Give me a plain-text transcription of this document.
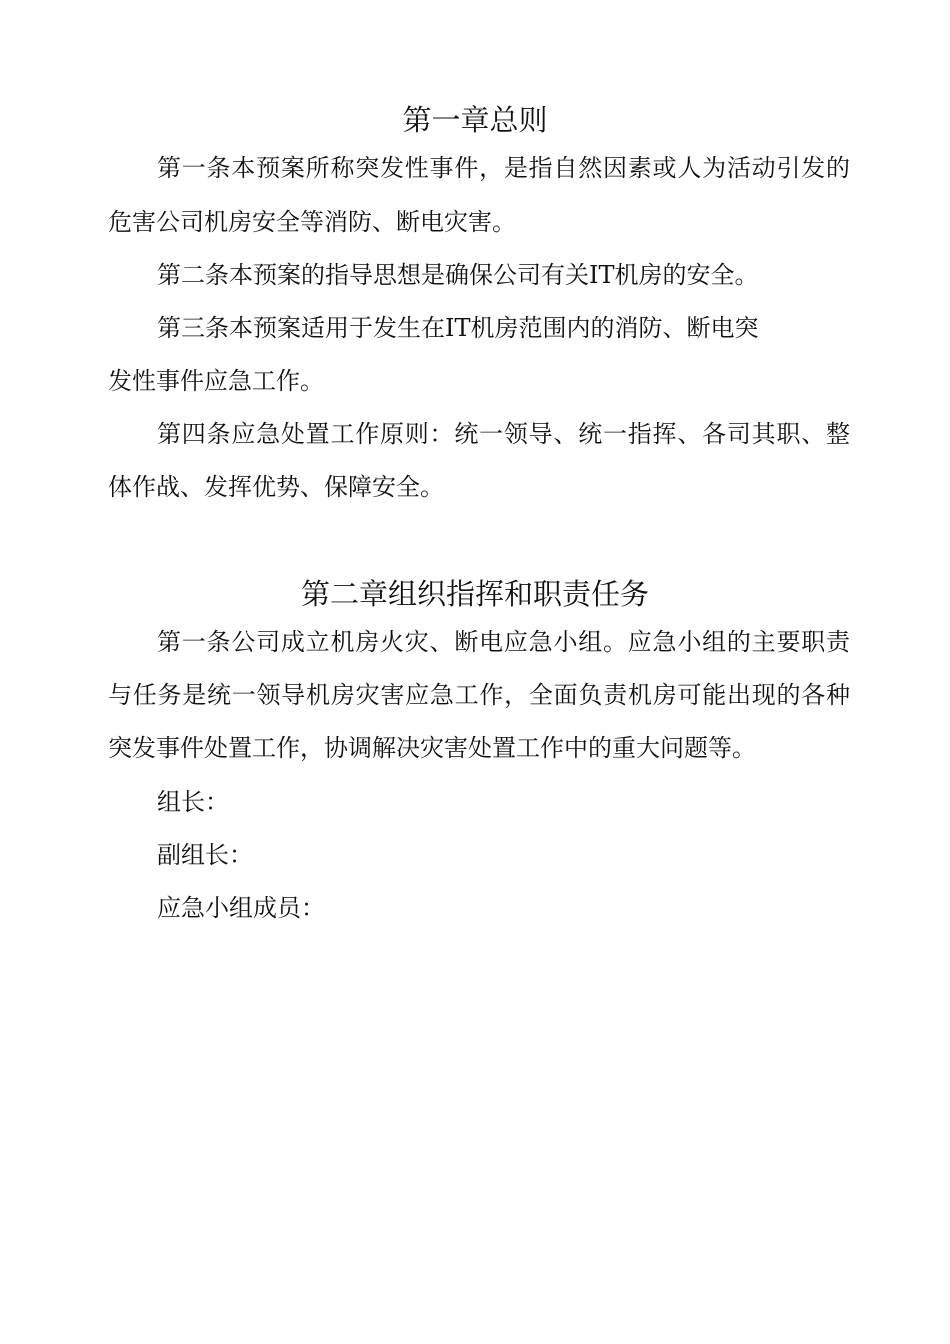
第一章总则
第一条本预案所称突发性事件，是指自然因素或人为活动引发的
危害公司机房安全等消防、断电灾害。
第二条本预案的指导思想是确保公司有关IT机房的安全。
第三条本预案适用于发生在IT机房范围内的消防、断电突
发性事件应急工作。
第四条应急处置工作原则：统一领导、统一指挥、各司其职、整
体作战、发挥优势、保障安全。
第二章组织指挥和职责任务
第一条公司成立机房火灾、断电应急小组。应急小组的主要职责
与任务是统一领导机房灾害应急工作，全面负责机房可能出现的各种
突发事件处置工作，协调解决灾害处置工作中的重大问题等。
组长：
副组长：
应急小组成员：
